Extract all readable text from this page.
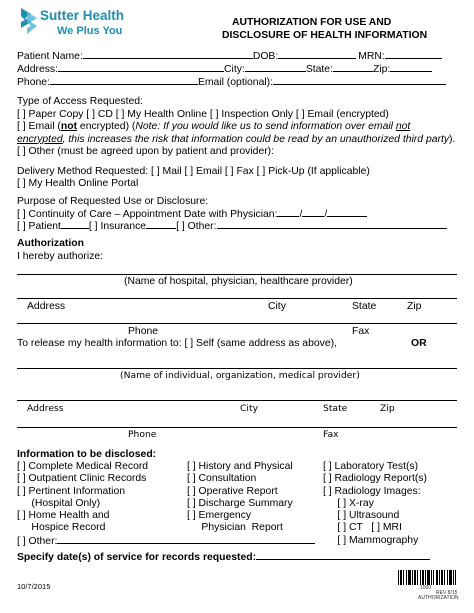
Sutter Health
We Plus You
AUTHORIZATION FOR USE AND
DISCLOSURE OF HEALTH INFORMATION
Patient Name:	DOB:	MRN:
Address:	City:	State:	Zip:
Phone:	Email (optional):
Type of Access Requested:
[ ] Paper Copy [ ] CD [ ] My Health Online [ ] Inspection Only [ ] Email (encrypted)
[ ] Email (not encrypted) (Note: If you would like us to send information over email not encrypted, this increases the risk that information could be read by an unauthorized third party). [ ] Other (must be agreed upon by patient and provider):
Delivery Method Requested: [ ] Mail [ ] Email [ ] Fax [ ] Pick-Up (If applicable)
[ ] My Health Online Portal
Purpose of Requested Use or Disclosure:
[ ] Continuity of Care – Appointment Date with Physician: / /
[ ] Patient	[ ] Insurance	[ ] Other:
Authorization
I hereby authorize:
(Name of hospital, physician, healthcare provider)
Address	City	State	Zip
Phone	Fax
To release my health information to: [ ] Self (same address as above),	OR
(Name of individual, organization, medical provider)
Address	City	State	Zip
Phone	Fax
Information to be disclosed:
[ ] Complete Medical Record
[ ] Outpatient Clinic Records
[ ] Pertinent Information
(Hospital Only)
[ ] Home Health and
Hospice Record
[ ] Other:
[ ] History and Physical
[ ] Consultation
[ ] Operative Report
[ ] Discharge Summary
[ ] Emergency
Physician  Report
[ ] Laboratory Test(s)
[ ] Radiology Report(s)
[ ] Radiology Images:
[ ] X-ray
[ ] Ultrasound
[ ] CT   [ ] MRI
[ ] Mammography
Specify date(s) of service for records requested:
10/7/2015	1000
REV 8/15
AUTHORIZATION
